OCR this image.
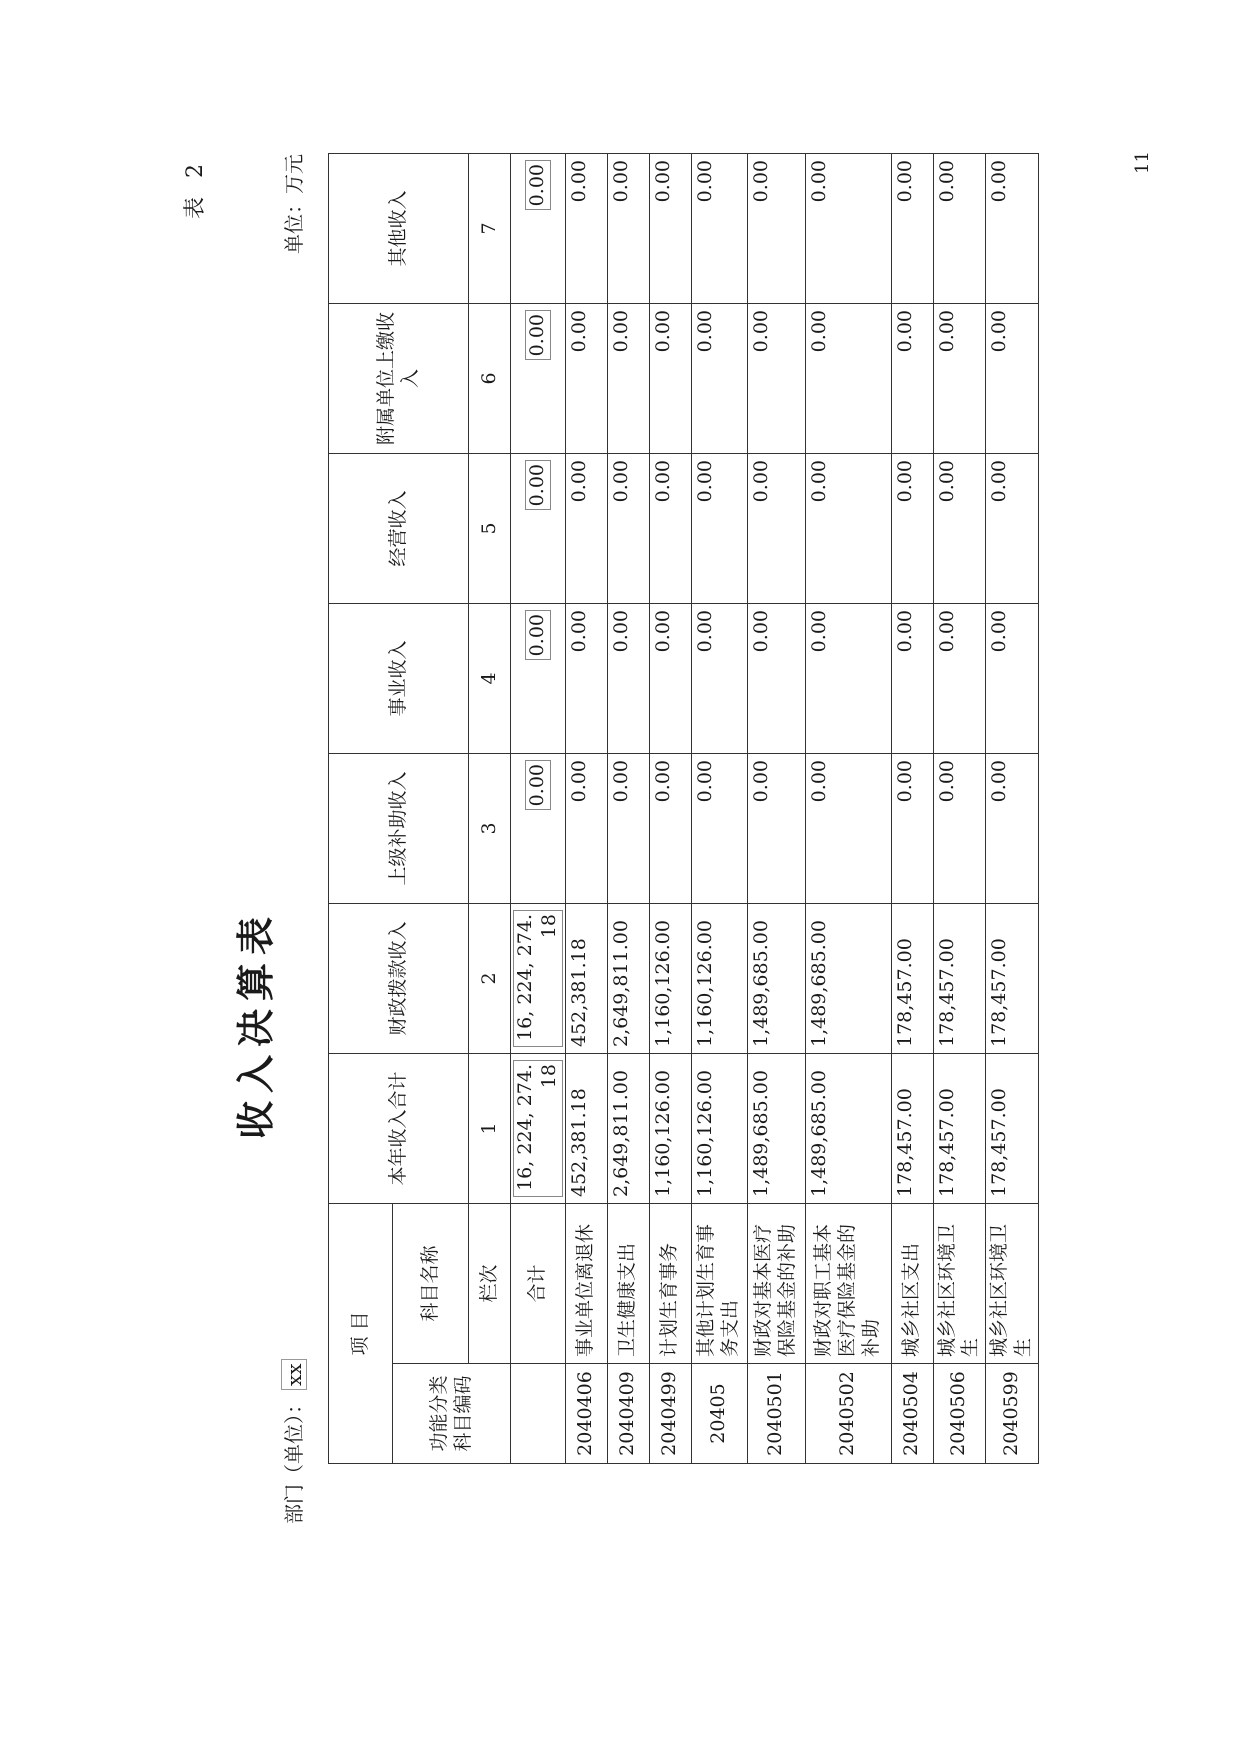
表 2	11
收入决算表
部门（单位）：xx
单位：万元
项 目		本年收入合计	财政拨款收入	上级补助收入	事业收入	经营收入	附属单位上缴收入	其他收入
功能分类科目编码	科目名称							
	栏次	1	2	3	4	5	6	7
	合计	16, 224, 274. 18	16, 224, 274. 18	0.00	0.00	0.00	0.00	0.00
2040406	事业单位离退休	452,381.18	452,381.18	0.00	0.00	0.00	0.00	0.00
2040409	卫生健康支出	2,649,811.00	2,649,811.00	0.00	0.00	0.00	0.00	0.00
2040499	计划生育事务	1,160,126.00	1,160,126.00	0.00	0.00	0.00	0.00	0.00
20405	其他计划生育事务支出	1,160,126.00	1,160,126.00	0.00	0.00	0.00	0.00	0.00
2040501	财政对基本医疗保险基金的补助	1,489,685.00	1,489,685.00	0.00	0.00	0.00	0.00	0.00
2040502	财政对职工基本医疗保险基金的补助	1,489,685.00	1,489,685.00	0.00	0.00	0.00	0.00	0.00
2040504	城乡社区支出	178,457.00	178,457.00	0.00	0.00	0.00	0.00	0.00
2040506	城乡社区环境卫生	178,457.00	178,457.00	0.00	0.00	0.00	0.00	0.00
2040599	城乡社区环境卫生	178,457.00	178,457.00	0.00	0.00	0.00	0.00	0.00
